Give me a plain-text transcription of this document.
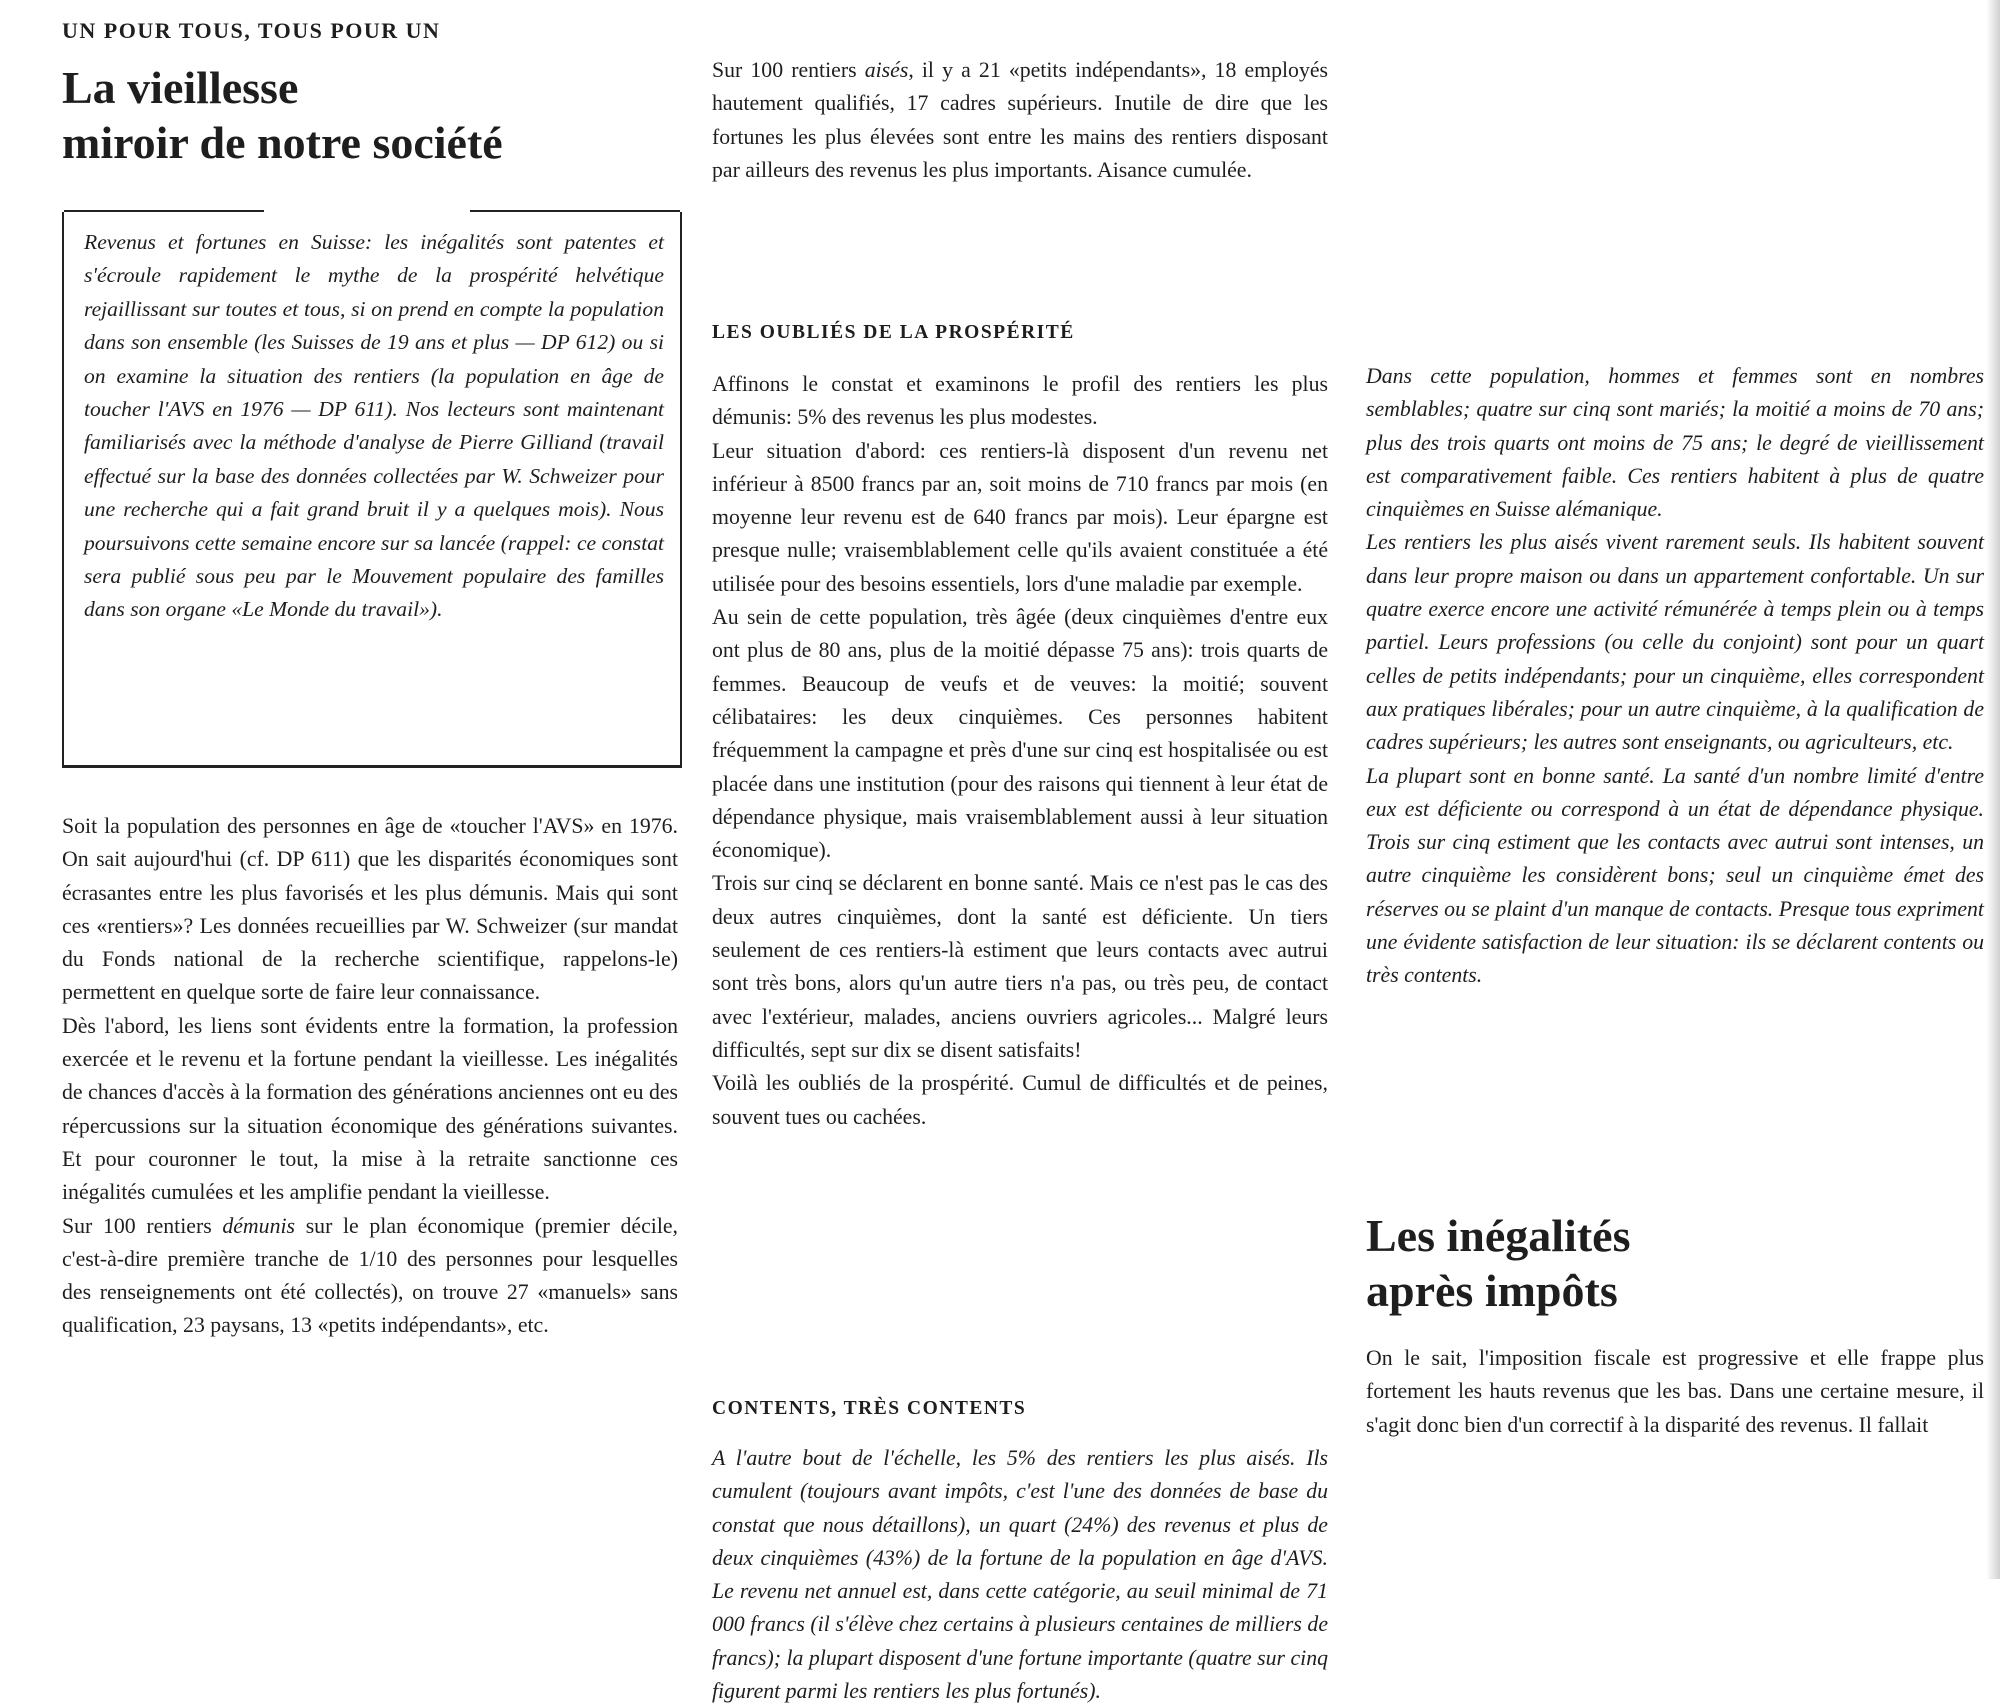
UN POUR TOUS, TOUS POUR UN
La vieillesse
miroir de notre société

Revenus et fortunes en Suisse: les inégalités sont patentes et s'écroule rapidement le mythe de la prospérité helvétique rejaillissant sur toutes et tous, si on prend en compte la population dans son ensemble (les Suisses de 19 ans et plus — DP 612) ou si on examine la situation des rentiers (la population en âge de toucher l'AVS en 1976 — DP 611). Nos lecteurs sont maintenant familiarisés avec la méthode d'analyse de Pierre Gilliand (travail effectué sur la base des données collectées par W. Schweizer pour une recherche qui a fait grand bruit il y a quelques mois). Nous poursuivons cette semaine encore sur sa lancée (rappel: ce constat sera publié sous peu par le Mouvement populaire des familles dans son organe «Le Monde du travail»).

Soit la population des personnes en âge de «toucher l'AVS» en 1976. On sait aujourd'hui (cf. DP 611) que les disparités économiques sont écrasantes entre les plus favorisés et les plus démunis. Mais qui sont ces «rentiers»? Les données recueillies par W. Schweizer (sur mandat du Fonds national de la recherche scientifique, rappelons-le) permettent en quelque sorte de faire leur connaissance.

Dès l'abord, les liens sont évidents entre la formation, la profession exercée et le revenu et la fortune pendant la vieillesse. Les inégalités de chances d'accès à la formation des générations anciennes ont eu des répercussions sur la situation économique des générations suivantes. Et pour couronner le tout, la mise à la retraite sanctionne ces inégalités cumulées et les amplifie pendant la vieillesse.

Sur 100 rentiers démunis sur le plan économique (premier décile, c'est-à-dire première tranche de 1/10 des personnes pour lesquelles des renseignements ont été collectés), on trouve 27 «manuels» sans qualification, 23 paysans, 13 «petits indépendants», etc.

Sur 100 rentiers aisés, il y a 21 «petits indépendants», 18 employés hautement qualifiés, 17 cadres supérieurs. Inutile de dire que les fortunes les plus élevées sont entre les mains des rentiers disposant par ailleurs des revenus les plus importants. Aisance cumulée.

LES OUBLIÉS DE LA PROSPÉRITÉ

Affinons le constat et examinons le profil des rentiers les plus démunis: 5% des revenus les plus modestes.

Leur situation d'abord: ces rentiers-là disposent d'un revenu net inférieur à 8500 francs par an, soit moins de 710 francs par mois (en moyenne leur revenu est de 640 francs par mois). Leur épargne est presque nulle; vraisemblablement celle qu'ils avaient constituée a été utilisée pour des besoins essentiels, lors d'une maladie par exemple.

Au sein de cette population, très âgée (deux cinquièmes d'entre eux ont plus de 80 ans, plus de la moitié dépasse 75 ans): trois quarts de femmes. Beaucoup de veufs et de veuves: la moitié; souvent célibataires: les deux cinquièmes. Ces personnes habitent fréquemment la campagne et près d'une sur cinq est hospitalisée ou est placée dans une institution (pour des raisons qui tiennent à leur état de dépendance physique, mais vraisemblablement aussi à leur situation économique).

Trois sur cinq se déclarent en bonne santé. Mais ce n'est pas le cas des deux autres cinquièmes, dont la santé est déficiente. Un tiers seulement de ces rentiers-là estiment que leurs contacts avec autrui sont très bons, alors qu'un autre tiers n'a pas, ou très peu, de contact avec l'extérieur, malades, anciens ouvriers agricoles... Malgré leurs difficultés, sept sur dix se disent satisfaits!

Voilà les oubliés de la prospérité. Cumul de difficultés et de peines, souvent tues ou cachées.

CONTENTS, TRÈS CONTENTS

A l'autre bout de l'échelle, les 5% des rentiers les plus aisés. Ils cumulent (toujours avant impôts, c'est l'une des données de base du constat que nous détaillons), un quart (24%) des revenus et plus de deux cinquièmes (43%) de la fortune de la population en âge d'AVS. Le revenu net annuel est, dans cette catégorie, au seuil minimal de 71 000 francs (il s'élève chez certains à plusieurs centaines de milliers de francs); la plupart disposent d'une fortune importante (quatre sur cinq figurent parmi les rentiers les plus fortunés).

Dans cette population, hommes et femmes sont en nombres semblables; quatre sur cinq sont mariés; la moitié a moins de 70 ans; plus des trois quarts ont moins de 75 ans; le degré de vieillissement est comparativement faible. Ces rentiers habitent à plus de quatre cinquièmes en Suisse alémanique.

Les rentiers les plus aisés vivent rarement seuls. Ils habitent souvent dans leur propre maison ou dans un appartement confortable. Un sur quatre exerce encore une activité rémunérée à temps plein ou à temps partiel. Leurs professions (ou celle du conjoint) sont pour un quart celles de petits indépendants; pour un cinquième, elles correspondent aux pratiques libérales; pour un autre cinquième, à la qualification de cadres supérieurs; les autres sont enseignants, ou agriculteurs, etc.

La plupart sont en bonne santé. La santé d'un nombre limité d'entre eux est déficiente ou correspond à un état de dépendance physique. Trois sur cinq estiment que les contacts avec autrui sont intenses, un autre cinquième les considèrent bons; seul un cinquième émet des réserves ou se plaint d'un manque de contacts. Presque tous expriment une évidente satisfaction de leur situation: ils se déclarent contents ou très contents.

Les inégalités
après impôts

On le sait, l'imposition fiscale est progressive et elle frappe plus fortement les hauts revenus que les bas. Dans une certaine mesure, il s'agit donc bien d'un correctif à la disparité des revenus. Il fallait
